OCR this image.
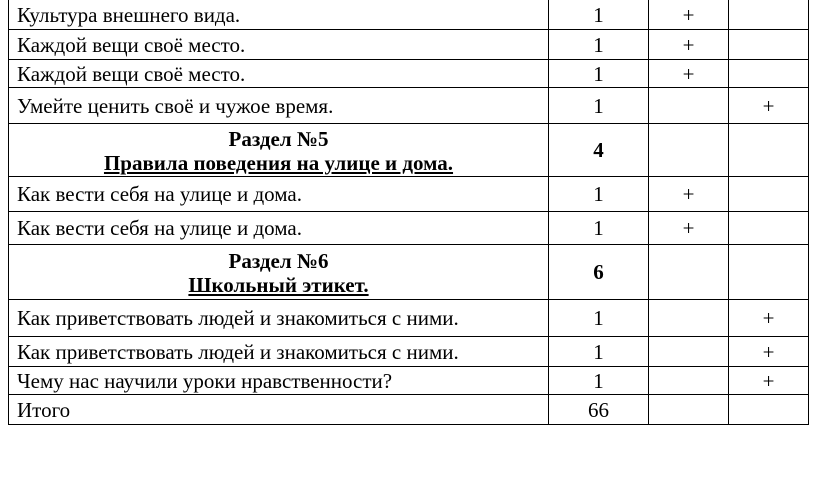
Культура внешнего вида.	1	+	
Каждой вещи своё место.	1	+	
Каждой вещи своё место.	1	+	
Умейте ценить своё и чужое время.	1		+

Раздел №5
Правила поведения на улице и дома.	4		
Как вести себя на улице и дома.	1	+	
Как вести себя на улице и дома.	1	+	

Раздел №6
Школьный этикет.	6		
Как приветствовать людей и знакомиться с ними.	1		+
Как приветствовать людей и знакомиться с ними.	1		+
Чему нас научили уроки нравственности?	1		+
Итого	66		
